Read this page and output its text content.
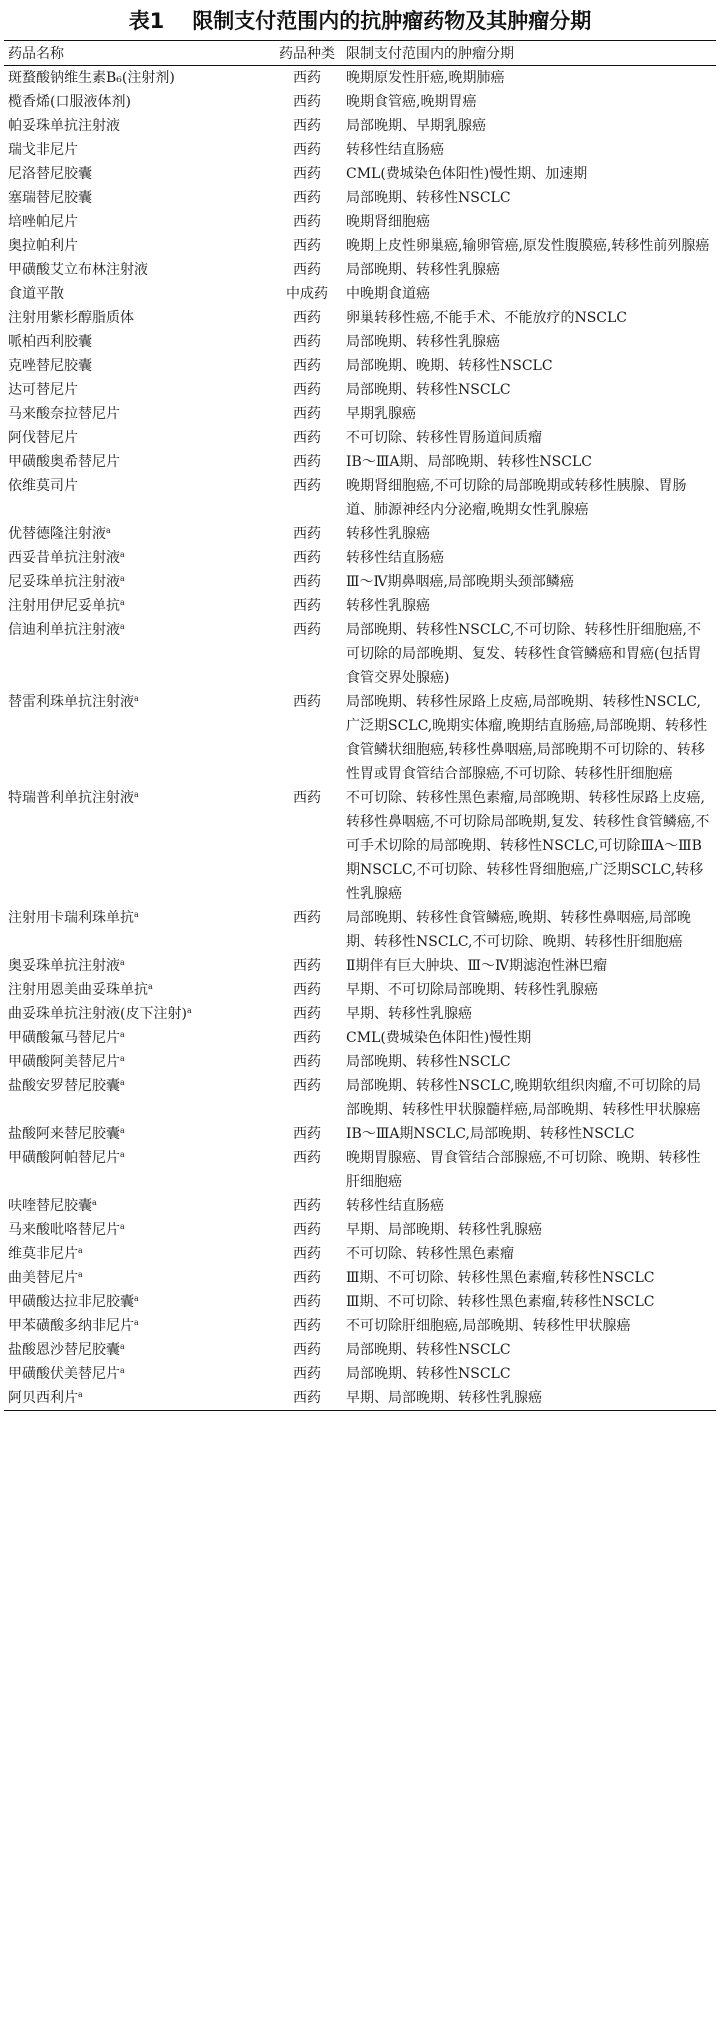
表1 限制支付范围内的抗肿瘤药物及其肿瘤分期
药品名称	药品种类	限制支付范围内的肿瘤分期
斑蝥酸钠维生素B₆(注射剂)	西药	晚期原发性肝癌,晚期肺癌
榄香烯(口服液体剂)	西药	晚期食管癌,晚期胃癌
帕妥珠单抗注射液	西药	局部晚期、早期乳腺癌
瑞戈非尼片	西药	转移性结直肠癌
尼洛替尼胶囊	西药	CML(费城染色体阳性)慢性期、加速期
塞瑞替尼胶囊	西药	局部晚期、转移性NSCLC
培唑帕尼片	西药	晚期肾细胞癌
奥拉帕利片	西药	晚期上皮性卵巢癌,输卵管癌,原发性腹膜癌,转移性前列腺癌
甲磺酸艾立布林注射液	西药	局部晚期、转移性乳腺癌
食道平散	中成药	中晚期食道癌
注射用紫杉醇脂质体	西药	卵巢转移性癌,不能手术、不能放疗的NSCLC
哌柏西利胶囊	西药	局部晚期、转移性乳腺癌
克唑替尼胶囊	西药	局部晚期、晚期、转移性NSCLC
达可替尼片	西药	局部晚期、转移性NSCLC
马来酸奈拉替尼片	西药	早期乳腺癌
阿伐替尼片	西药	不可切除、转移性胃肠道间质瘤
甲磺酸奥希替尼片	西药	ⅠB～ⅢA期、局部晚期、转移性NSCLC
依维莫司片	西药	晚期肾细胞癌,不可切除的局部晚期或转移性胰腺、胃肠道、肺源神经内分泌瘤,晚期女性乳腺癌
优替德隆注射液$^a$	西药	转移性乳腺癌
西妥昔单抗注射液$^a$	西药	转移性结直肠癌
尼妥珠单抗注射液$^a$	西药	Ⅲ～Ⅳ期鼻咽癌,局部晚期头颈部鳞癌
注射用伊尼妥单抗$^a$	西药	转移性乳腺癌
信迪利单抗注射液$^a$	西药	局部晚期、转移性NSCLC,不可切除、转移性肝细胞癌,不可切除的局部晚期、复发、转移性食管鳞癌和胃癌(包括胃食管交界处腺癌)
替雷利珠单抗注射液$^a$	西药	局部晚期、转移性尿路上皮癌,局部晚期、转移性NSCLC,广泛期SCLC,晚期实体瘤,晚期结直肠癌,局部晚期、转移性食管鳞状细胞癌,转移性鼻咽癌,局部晚期不可切除的、转移性胃或胃食管结合部腺癌,不可切除、转移性肝细胞癌
特瑞普利单抗注射液$^a$	西药	不可切除、转移性黑色素瘤,局部晚期、转移性尿路上皮癌,转移性鼻咽癌,不可切除局部晚期,复发、转移性食管鳞癌,不可手术切除的局部晚期、转移性NSCLC,可切除ⅢA～ⅢB期NSCLC,不可切除、转移性肾细胞癌,广泛期SCLC,转移性乳腺癌
注射用卡瑞利珠单抗$^a$	西药	局部晚期、转移性食管鳞癌,晚期、转移性鼻咽癌,局部晚期、转移性NSCLC,不可切除、晚期、转移性肝细胞癌
奥妥珠单抗注射液$^a$	西药	Ⅱ期伴有巨大肿块、Ⅲ～Ⅳ期滤泡性淋巴瘤
注射用恩美曲妥珠单抗$^a$	西药	早期、不可切除局部晚期、转移性乳腺癌
曲妥珠单抗注射液(皮下注射)$^a$	西药	早期、转移性乳腺癌
甲磺酸氟马替尼片$^a$	西药	CML(费城染色体阳性)慢性期
甲磺酸阿美替尼片$^a$	西药	局部晚期、转移性NSCLC
盐酸安罗替尼胶囊$^a$	西药	局部晚期、转移性NSCLC,晚期软组织肉瘤,不可切除的局部晚期、转移性甲状腺髓样癌,局部晚期、转移性甲状腺癌
盐酸阿来替尼胶囊$^a$	西药	ⅠB～ⅢA期NSCLC,局部晚期、转移性NSCLC
甲磺酸阿帕替尼片$^a$	西药	晚期胃腺癌、胃食管结合部腺癌,不可切除、晚期、转移性肝细胞癌
呋喹替尼胶囊$^a$	西药	转移性结直肠癌
马来酸吡咯替尼片$^a$	西药	早期、局部晚期、转移性乳腺癌
维莫非尼片$^a$	西药	不可切除、转移性黑色素瘤
曲美替尼片$^a$	西药	Ⅲ期、不可切除、转移性黑色素瘤,转移性NSCLC
甲磺酸达拉非尼胶囊$^a$	西药	Ⅲ期、不可切除、转移性黑色素瘤,转移性NSCLC
甲苯磺酸多纳非尼片$^a$	西药	不可切除肝细胞癌,局部晚期、转移性甲状腺癌
盐酸恩沙替尼胶囊$^a$	西药	局部晚期、转移性NSCLC
甲磺酸伏美替尼片$^a$	西药	局部晚期、转移性NSCLC
阿贝西利片$^a$	西药	早期、局部晚期、转移性乳腺癌
